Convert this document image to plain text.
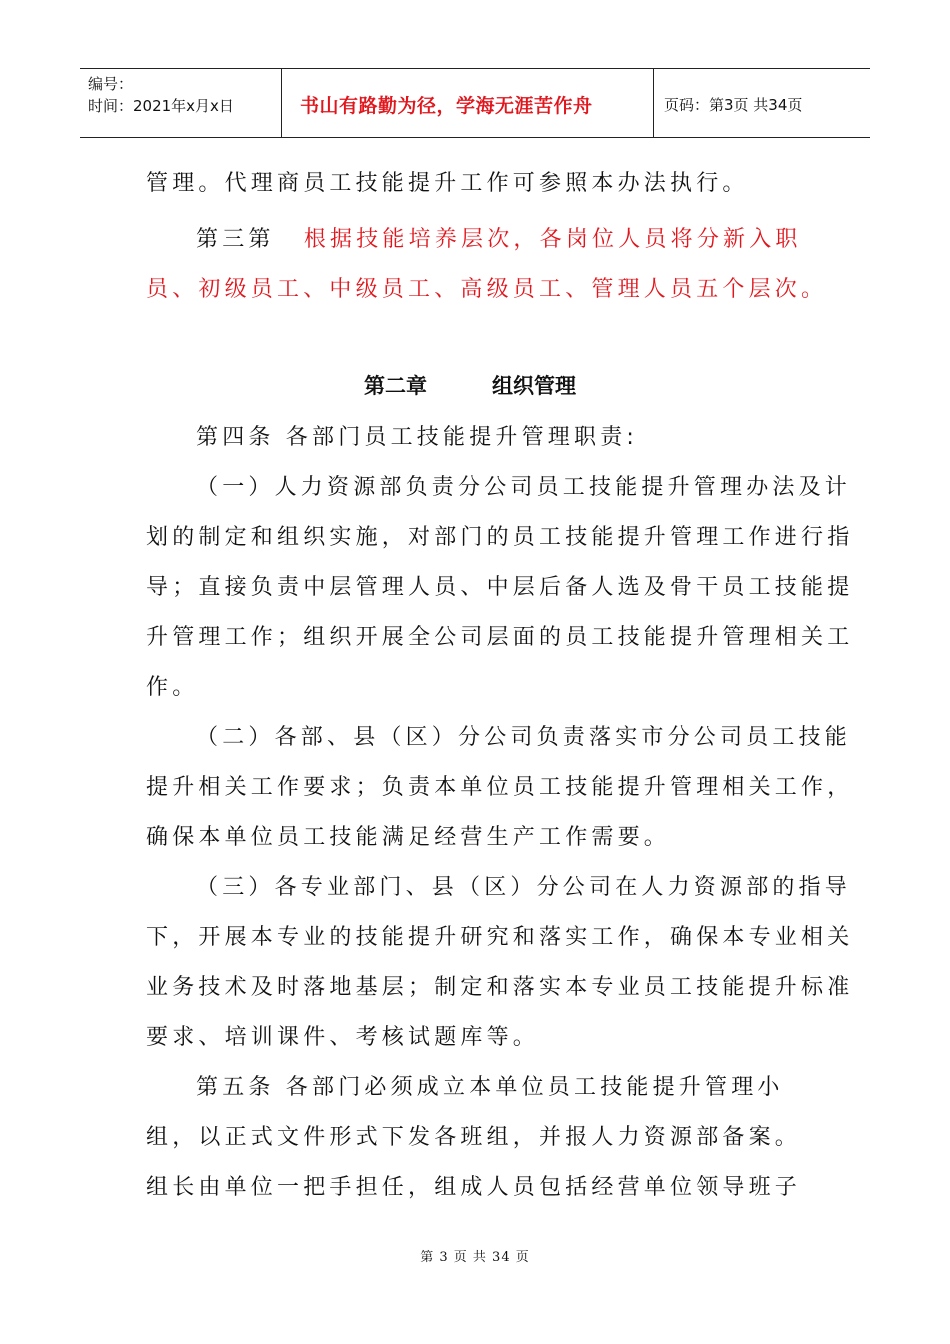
编号：
时间：2021年x月x日	书山有路勤为径，学海无涯苦作舟	页码：第3页 共34页
管理。代理商员工技能提升工作可参照本办法执行。
第三第 根据技能培养层次，各岗位人员将分新入职
员、初级员工、中级员工、高级员工、管理人员五个层次。
第二章	组织管理
第四条 各部门员工技能提升管理职责:
（一）人力资源部负责分公司员工技能提升管理办法及计
划的制定和组织实施，对部门的员工技能提升管理工作进行指
导；直接负责中层管理人员、中层后备人选及骨干员工技能提
升管理工作；组织开展全公司层面的员工技能提升管理相关工
作。
（二）各部、县（区）分公司负责落实市分公司员工技能
提升相关工作要求；负责本单位员工技能提升管理相关工作，
确保本单位员工技能满足经营生产工作需要。
（三）各专业部门、县（区）分公司在人力资源部的指导
下，开展本专业的技能提升研究和落实工作，确保本专业相关
业务技术及时落地基层；制定和落实本专业员工技能提升标准
要求、培训课件、考核试题库等。
第五条 各部门必须成立本单位员工技能提升管理小
组，以正式文件形式下发各班组，并报人力资源部备案。
组长由单位一把手担任，组成人员包括经营单位领导班子
第 3 页 共 34 页
